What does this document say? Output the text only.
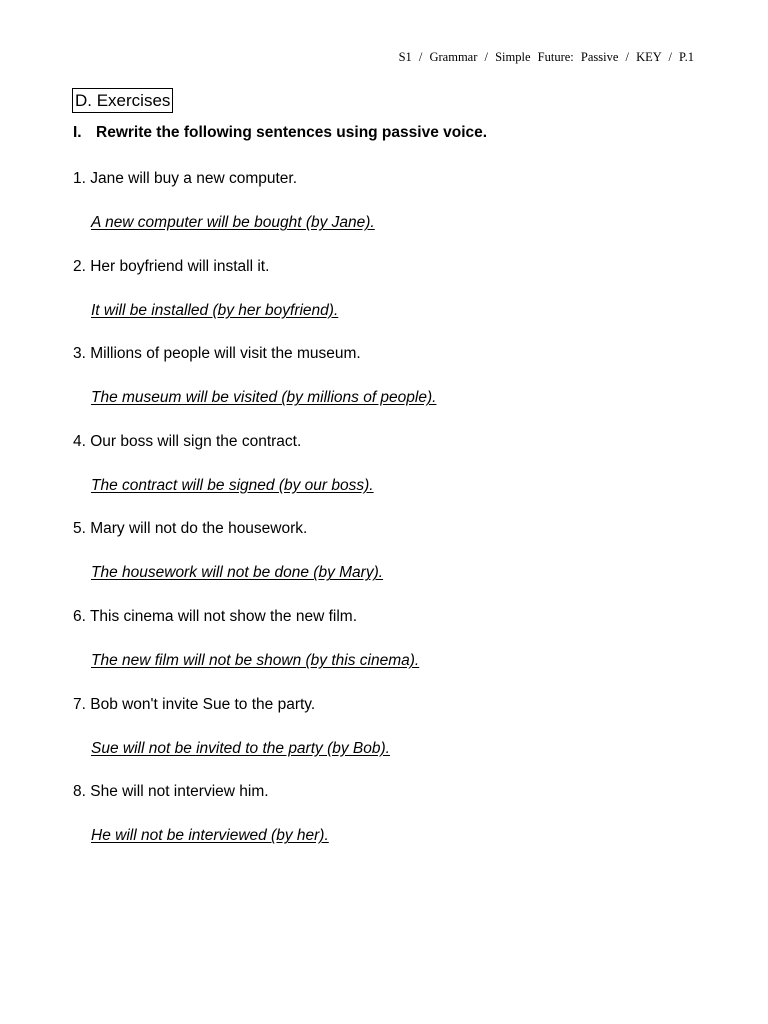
S1 / Grammar / Simple Future: Passive / KEY / P.1
D. Exercises
I. Rewrite the following sentences using passive voice.
1. Jane will buy a new computer.
A new computer will be bought (by Jane).
2. Her boyfriend will install it.
It will be installed (by her boyfriend).
3. Millions of people will visit the museum.
The museum will be visited (by millions of people).
4. Our boss will sign the contract.
The contract will be signed (by our boss).
5. Mary will not do the housework.
The housework will not be done (by Mary).
6. This cinema will not show the new film.
The new film will not be shown (by this cinema).
7. Bob won't invite Sue to the party.
Sue will not be invited to the party (by Bob).
8. She will not interview him.
He will not be interviewed (by her).
